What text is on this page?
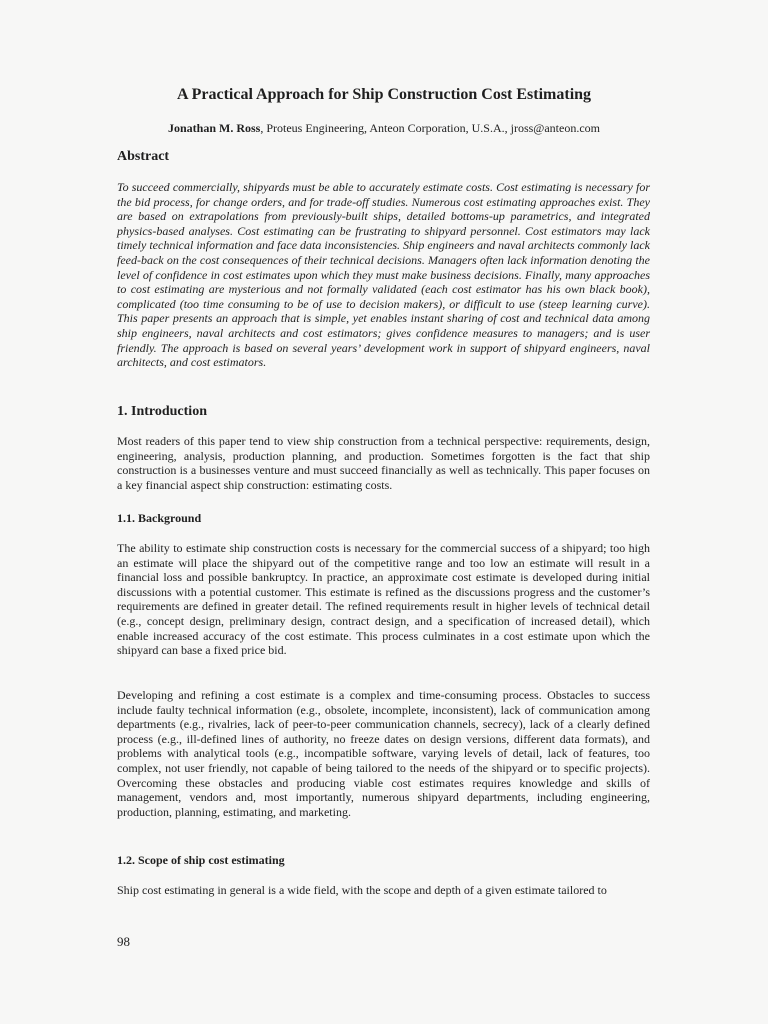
A Practical Approach for Ship Construction Cost Estimating
Jonathan M. Ross, Proteus Engineering, Anteon Corporation, U.S.A., jross@anteon.com
Abstract

To succeed commercially, shipyards must be able to accurately estimate costs. Cost estimating is necessary for the bid process, for change orders, and for trade-off studies. Numerous cost estimating approaches exist. They are based on extrapolations from previously-built ships, detailed bottoms-up parametrics, and integrated physics-based analyses. Cost estimating can be frustrating to shipyard personnel. Cost estimators may lack timely technical information and face data inconsistencies. Ship engineers and naval architects commonly lack feed-back on the cost consequences of their technical decisions. Managers often lack information denoting the level of confidence in cost estimates upon which they must make business decisions. Finally, many approaches to cost estimating are mysterious and not formally validated (each cost estimator has his own black book), complicated (too time consuming to be of use to decision makers), or difficult to use (steep learning curve). This paper presents an approach that is simple, yet enables instant sharing of cost and technical data among ship engineers, naval architects and cost estimators; gives confidence measures to managers; and is user friendly. The approach is based on several years’ development work in support of shipyard engineers, naval architects, and cost estimators.

1. Introduction

Most readers of this paper tend to view ship construction from a technical perspective: requirements, design, engineering, analysis, production planning, and production. Sometimes forgotten is the fact that ship construction is a businesses venture and must succeed financially as well as technically. This paper focuses on a key financial aspect ship construction: estimating costs.

1.1. Background

The ability to estimate ship construction costs is necessary for the commercial success of a shipyard; too high an estimate will place the shipyard out of the competitive range and too low an estimate will result in a financial loss and possible bankruptcy. In practice, an approximate cost estimate is developed during initial discussions with a potential customer. This estimate is refined as the discussions progress and the customer’s requirements are defined in greater detail. The refined requirements result in higher levels of technical detail (e.g., concept design, preliminary design, contract design, and a specification of increased detail), which enable increased accuracy of the cost estimate. This process culminates in a cost estimate upon which the shipyard can base a fixed price bid.

Developing and refining a cost estimate is a complex and time-consuming process. Obstacles to success include faulty technical information (e.g., obsolete, incomplete, inconsistent), lack of communication among departments (e.g., rivalries, lack of peer-to-peer communication channels, secrecy), lack of a clearly defined process (e.g., ill-defined lines of authority, no freeze dates on design versions, different data formats), and problems with analytical tools (e.g., incompatible software, varying levels of detail, lack of features, too complex, not user friendly, not capable of being tailored to the needs of the shipyard or to specific projects). Overcoming these obstacles and producing viable cost estimates requires knowledge and skills of management, vendors and, most importantly, numerous shipyard departments, including engineering, production, planning, estimating, and marketing.

1.2. Scope of ship cost estimating

Ship cost estimating in general is a wide field, with the scope and depth of a given estimate tailored to

98
